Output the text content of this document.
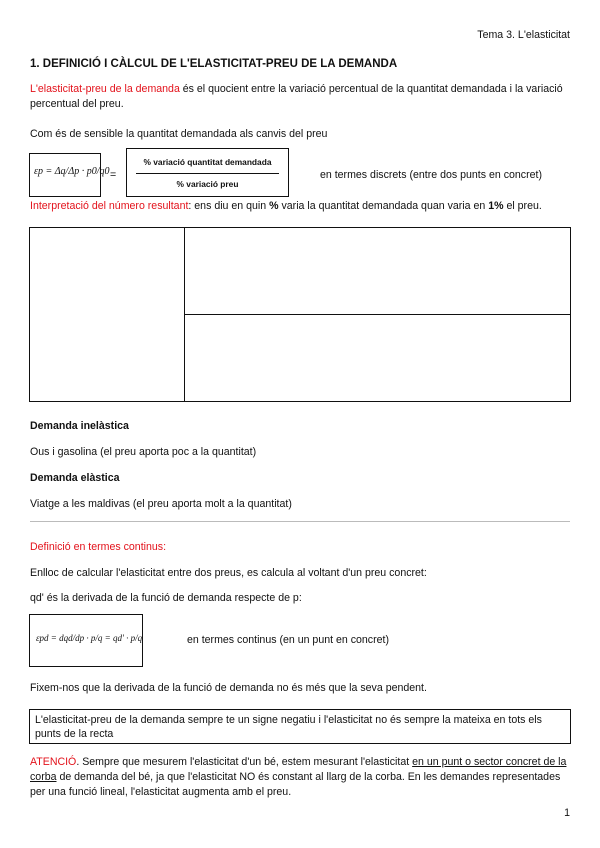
Tema 3. L'elasticitat
1. DEFINICIÓ I CÀLCUL DE L'ELASTICITAT-PREU DE LA DEMANDA
L'elasticitat-preu de la demanda és el quocient entre la variació percentual de la quantitat demandada i la variació percentual del preu.
Com és de sensible la quantitat demandada als canvis del preu
εp = Δq/Δp · p0/q0 =
% variació quantitat demandada
% variació preu
en termes discrets (entre dos punts en concret)
Interpretació del número resultant: ens diu en quin % varia la quantitat demandada quan varia en 1% el preu.
Demanda inelàstica
Ous i gasolina (el preu aporta poc a la quantitat)
Demanda elàstica
Viatge a les maldivas (el preu aporta molt a la quantitat)
Definició en termes continus:
Enlloc de calcular l'elasticitat entre dos preus, es calcula al voltant d'un preu concret:
qd' és la derivada de la funció de demanda respecte de p:
εpd = dqd/dp · p/q = qd' · p/q	en termes continus (en un punt en concret)
Fixem-nos que la derivada de la funció de demanda no és més que la seva pendent.
L'elasticitat-preu de la demanda sempre te un signe negatiu i l'elasticitat no és sempre la mateixa en tots els punts de la recta
ATENCIÓ. Sempre que mesurem l'elasticitat d'un bé, estem mesurant l'elasticitat en un punt o sector concret de la corba de demanda del bé, ja que l'elasticitat NO és constant al llarg de la corba. En les demandes representades per una funció lineal, l'elasticitat augmenta amb el preu.
1
